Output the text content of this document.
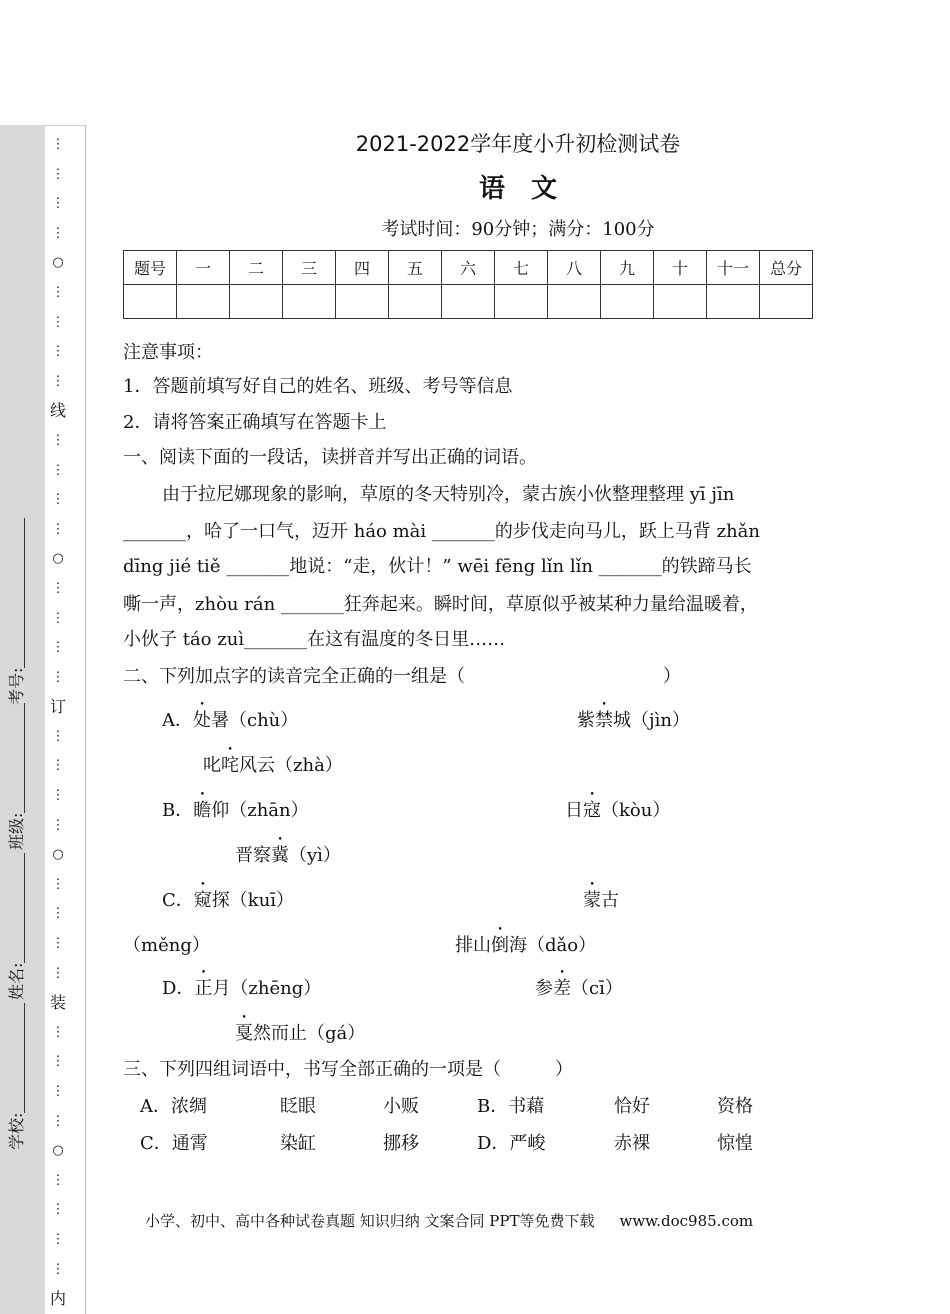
⋮
⋮
⋮
⋮
○
⋮
⋮
⋮
⋮
线
⋮
⋮
⋮
⋮
○
⋮
⋮
⋮
⋮
订
⋮
⋮
⋮
⋮
○
⋮
⋮
⋮
⋮
装
⋮
⋮
⋮
⋮
○
⋮
⋮
⋮
⋮
内
学校:
姓名:
班级:
考号:
2021-2022学年度小升初检测试卷
语　文
考试时间：90分钟；满分：100分
题号	一	二	三	四	五	六	七	八	九	十	十一	总分

注意事项：
1．答题前填写好自己的姓名、班级、考号等信息
2．请将答案正确填写在答题卡上
一、阅读下面的一段话，读拼音并写出正确的词语。
由于拉尼娜现象的影响，草原的冬天特别冷，蒙古族小伙整理整理 yī jīn
_______，哈了一口气，迈开 háo mài _______的步伐走向马儿，跃上马背 zhǎn
dīng jié tiě _______地说：“走，伙计！” wēi fēng lǐn lǐn _______的铁蹄马长
嘶一声，zhòu rán _______狂奔起来。瞬时间，草原似乎被某种力量给温暖着，
小伙子 táo zuì_______在这有温度的冬日里……
二、下列加点字的读音完全正确的一组是（　　　　　　　　　　　）
A．处暑（chù）	紫禁城（jìn）
叱咤风云（zhà）
B．瞻仰（zhān）	日寇（kòu）
晋察冀（yì）
C．窥探（kuī）	蒙古
（měng）	排山倒海（dǎo）
D．正月（zhēng）	参差（cī）
戛然而止（gá）
三、下列四组词语中，书写全部正确的一项是（　　　）
A．浓绸	眨眼	小贩	B．书藉	恰好	资格
C．通霄	染缸	挪移	D．严峻	赤裸	惊惶
小学、初中、高中各种试卷真题 知识归纳 文案合同 PPT等免费下载 www.doc985.com
